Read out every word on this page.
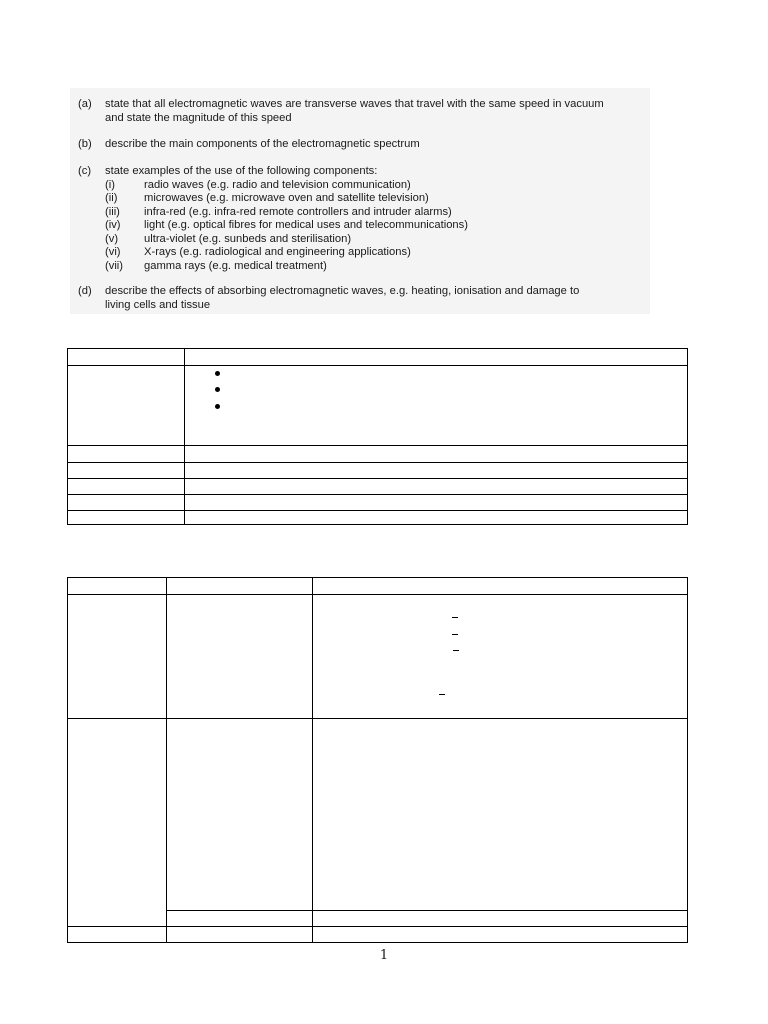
(a) state that all electromagnetic waves are transverse waves that travel with the same speed in vacuum
and state the magnitude of this speed
(b) describe the main components of the electromagnetic spectrum
(c) state examples of the use of the following components:
(i)	radio waves (e.g. radio and television communication)
(ii) microwaves (e.g. microwave oven and satellite television)
(iii) infra-red (e.g. infra-red remote controllers and intruder alarms)
(iv) light (e.g. optical fibres for medical uses and telecommunications)
(v) ultra-violet (e.g. sunbeds and sterilisation)
(vi) X-rays (e.g. radiological and engineering applications)
(vii) gamma rays (e.g. medical treatment)
(d) describe the effects of absorbing electromagnetic waves, e.g. heating, ionisation and damage to
living cells and tissue
1
